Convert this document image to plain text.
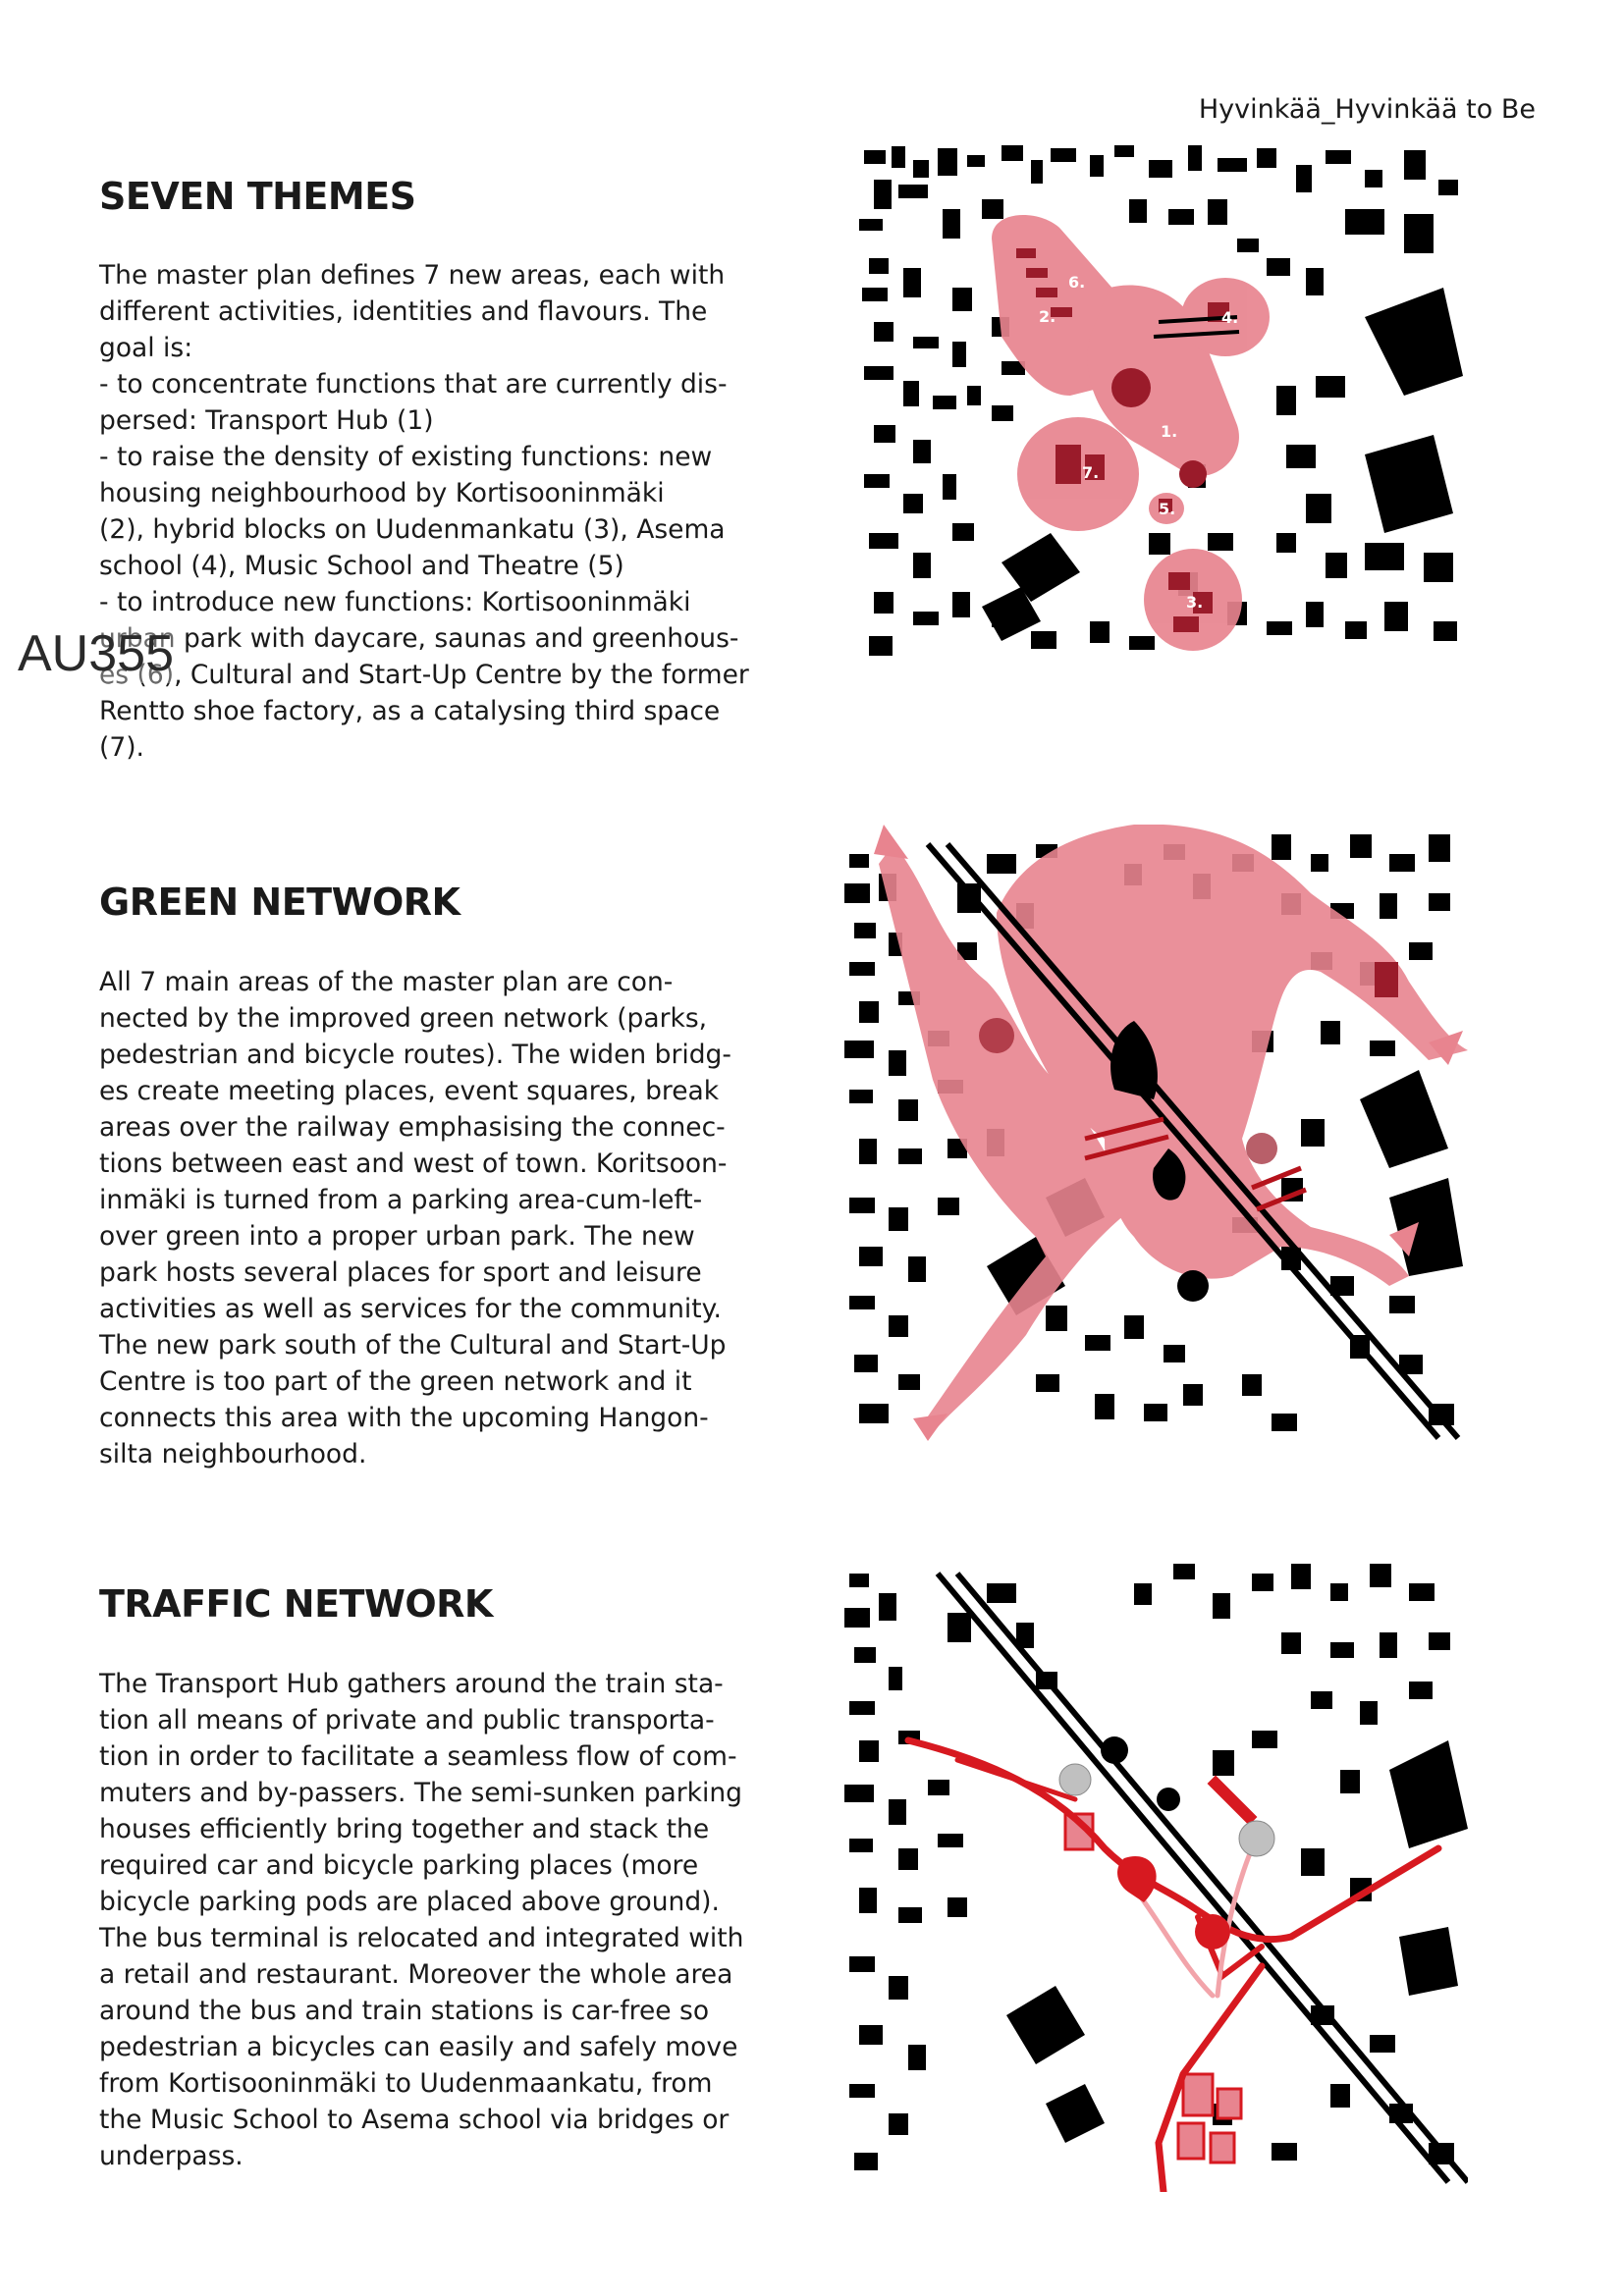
Hyvinkää_Hyvinkää to Be
SEVEN THEMES
The master plan defines 7 new areas, each with
different activities, identities and flavours. The
goal is:
- to concentrate functions that are currently dis-
persed: Transport Hub (1)
- to raise the density of existing functions: new
housing neighbourhood by Kortisooninmäki
(2), hybrid blocks on Uudenmankatu (3), Asema
school (4), Music School and Theatre (5)
- to introduce new functions: Kortisooninmäki
urban park with daycare, saunas and greenhous-
es (6), Cultural and Start-Up Centre by the former
Rentto shoe factory, as a catalysing third space
(7).
GREEN NETWORK
All 7 main areas of the master plan are con-
nected by the improved green network (parks,
pedestrian and bicycle routes). The widen bridg-
es create meeting places, event squares, break
areas over the railway emphasising the connec-
tions between east and west of town. Koritsoon-
inmäki is turned from a parking area-cum-left-
over green into a proper urban park. The new
park hosts several places for sport and leisure
activities as well as services for the community.
The new park south of the Cultural and Start-Up
Centre is too part of the green network and it
connects this area with the upcoming Hangon-
silta neighbourhood.
TRAFFIC NETWORK
The Transport Hub gathers around the train sta-
tion all means of private and public transporta-
tion in order to facilitate a seamless flow of com-
muters and by-passers. The semi-sunken parking
houses efficiently bring together and stack the
required car and bicycle parking places (more
bicycle parking pods are placed above ground).
The bus terminal is relocated and integrated with
a retail and restaurant. Moreover the whole area
around the bus and train stations is car-free so
pedestrian a bicycles can easily and safely move
from Kortisooninmäki to Uudenmaankatu, from
the Music School to Asema school via bridges or
underpass.
AU355
6.
2.	4.
1.
7.
5.
3.
